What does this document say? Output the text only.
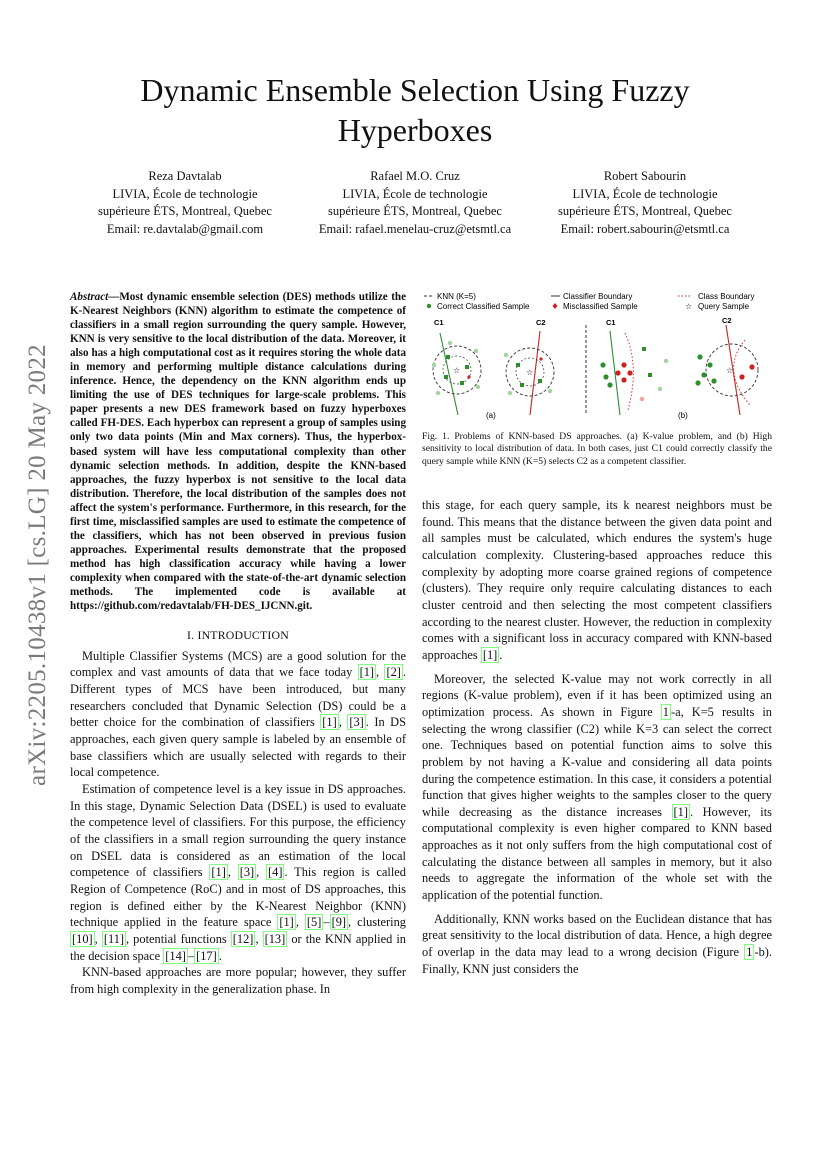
arXiv:2205.10438v1 [cs.LG] 20 May 2022
Dynamic Ensemble Selection Using Fuzzy Hyperboxes
Reza Davtalab
LIVIA, École de technologie
supérieure ÉTS, Montreal, Quebec
Email: re.davtalab@gmail.com
Rafael M.O. Cruz
LIVIA, École de technologie
supérieure ÉTS, Montreal, Quebec
Email: rafael.menelau-cruz@etsmtl.ca
Robert Sabourin
LIVIA, École de technologie
supérieure ÉTS, Montreal, Quebec
Email: robert.sabourin@etsmtl.ca

Abstract—Most dynamic ensemble selection (DES) methods utilize the K-Nearest Neighbors (KNN) algorithm to estimate the competence of classifiers in a small region surrounding the query sample. However, KNN is very sensitive to the local distribution of the data. Moreover, it also has a high computational cost as it requires storing the whole data in memory and performing multiple distance calculations during inference. Hence, the dependency on the KNN algorithm ends up limiting the use of DES techniques for large-scale problems. This paper presents a new DES framework based on fuzzy hyperboxes called FH-DES. Each hyperbox can represent a group of samples using only two data points (Min and Max corners). Thus, the hyperbox-based system will have less computational complexity than other dynamic selection methods. In addition, despite the KNN-based approaches, the fuzzy hyperbox is not sensitive to the local data distribution. Therefore, the local distribution of the samples does not affect the system's performance. Furthermore, in this research, for the first time, misclassified samples are used to estimate the competence of the classifiers, which has not been observed in previous fusion approaches. Experimental results demonstrate that the proposed method has high classification accuracy while having a lower complexity when compared with the state-of-the-art dynamic selection methods. The implemented code is available at https://github.com/redavtalab/FH-DES_IJCNN.git.

I. INTRODUCTION

Multiple Classifier Systems (MCS) are a good solution for the complex and vast amounts of data that we face today [1] , [2] . Different types of MCS have been introduced, but many researchers concluded that Dynamic Selection (DS) could be a better choice for the combination of classifiers [1] , [3] . In DS approaches, each given query sample is labeled by an ensemble of base classifiers which are usually selected with regards to their local competence.

Estimation of competence level is a key issue in DS approaches. In this stage, Dynamic Selection Data (DSEL) is used to evaluate the competence level of classifiers. For this purpose, the efficiency of the classifiers in a small region surrounding the query instance on DSEL data is considered as an estimation of the local competence of classifiers [1] , [3] , [4] . This region is called Region of Competence (RoC) and in most of DS approaches, this region is defined either by the K-Nearest Neighbor (KNN) technique applied in the feature space [1] , [5] – [9] , clustering [10] , [11] , potential functions [12] , [13] or the KNN applied in the decision space [14] – [17] .

KNN-based approaches are more popular; however, they suffer from high complexity in the generalization phase. In

KNN (K=5)
Correct Classified Sample
Classifier Boundary
Misclassified Sample
Class Boundary
☆ Query Sample
C1
☆
C2
☆
(a)
C1	C2
☆
(b)
Fig. 1. Problems of KNN-based DS approaches. (a) K-value problem, and (b) High sensitivity to local distribution of data. In both cases, just C1 could correctly classify the query sample while KNN (K=5) selects C2 as a competent classifier.

this stage, for each query sample, its k nearest neighbors must be found. This means that the distance between the given data point and all samples must be calculated, which endures the system's huge calculation complexity. Clustering-based approaches reduce this complexity by adopting more coarse grained regions of competence (clusters). They require only require calculating distances to each cluster centroid and then selecting the most competent classifiers according to the nearest cluster. However, the reduction in complexity comes with a significant loss in accuracy compared with KNN-based approaches [1] .

Moreover, the selected K-value may not work correctly in all regions (K-value problem), even if it has been optimized using an optimization process. As shown in Figure 1 -a, K=5 results in selecting the wrong classifier (C2) while K=3 can select the correct one. Techniques based on potential function aims to solve this problem by not having a K-value and considering all data points during the competence estimation. In this case, it considers a potential function that gives higher weights to the samples closer to the query while decreasing as the distance increases [1] . However, its computational complexity is even higher compared to KNN based approaches as it not only suffers from the high computational cost of calculating the distance between all samples in memory, but it also needs to aggregate the information of the whole set with the application of the potential function.

Additionally, KNN works based on the Euclidean distance that has great sensitivity to the local distribution of data. Hence, a high degree of overlap in the data may lead to a wrong decision (Figure 1 -b). Finally, KNN just considers the
